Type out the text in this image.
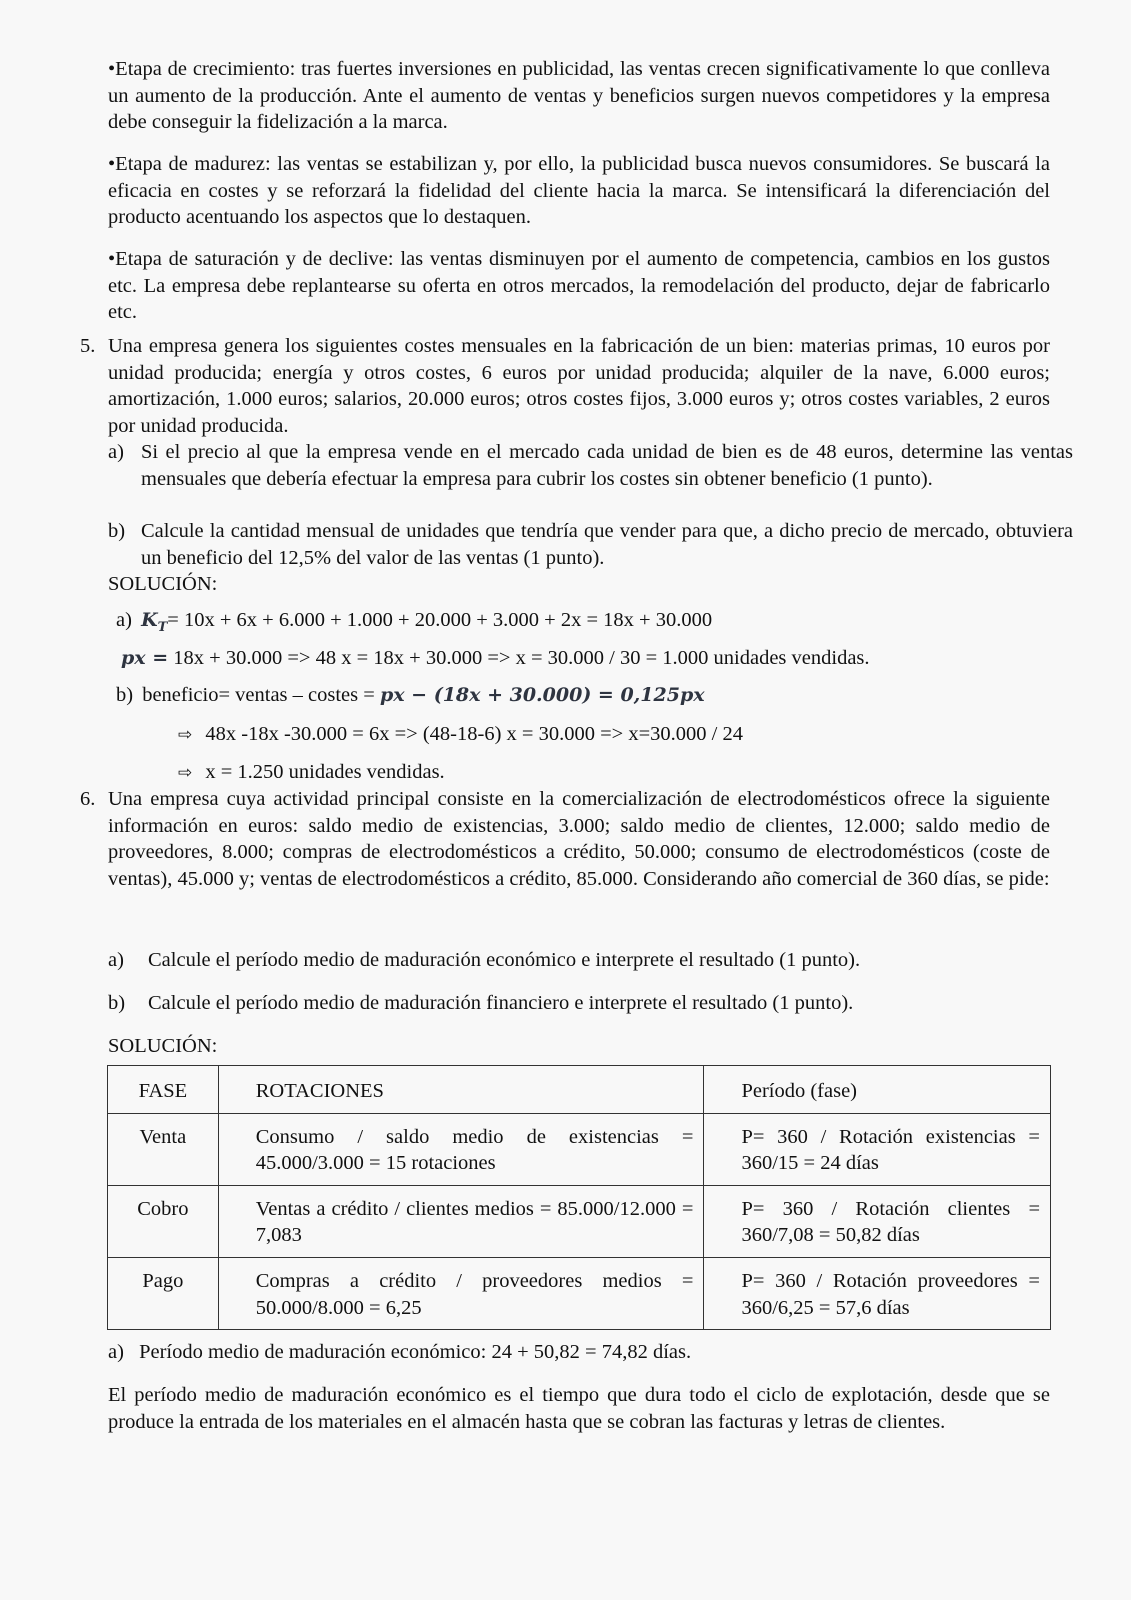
•Etapa de crecimiento: tras fuertes inversiones en publicidad, las ventas crecen significativamente lo que conlleva un aumento de la producción. Ante el aumento de ventas y beneficios surgen nuevos competidores y la empresa debe conseguir la fidelización a la marca.
•Etapa de madurez: las ventas se estabilizan y, por ello, la publicidad busca nuevos consumidores. Se buscará la eficacia en costes y se reforzará la fidelidad del cliente hacia la marca. Se intensificará la diferenciación del producto acentuando los aspectos que lo destaquen.
•Etapa de saturación y de declive: las ventas disminuyen por el aumento de competencia, cambios en los gustos etc. La empresa debe replantearse su oferta en otros mercados, la remodelación del producto, dejar de fabricarlo etc.
5. Una empresa genera los siguientes costes mensuales en la fabricación de un bien: materias primas, 10 euros por unidad producida; energía y otros costes, 6 euros por unidad producida; alquiler de la nave, 6.000 euros; amortización, 1.000 euros; salarios, 20.000 euros; otros costes fijos, 3.000 euros y; otros costes variables, 2 euros por unidad producida.
a) Si el precio al que la empresa vende en el mercado cada unidad de bien es de 48 euros, determine las ventas mensuales que debería efectuar la empresa para cubrir los costes sin obtener beneficio (1 punto).
b) Calcule la cantidad mensual de unidades que tendría que vender para que, a dicho precio de mercado, obtuviera un beneficio del 12,5% del valor de las ventas (1 punto).
SOLUCIÓN:
a) $K_T= 10x + 6x + 6.000 + 1.000 + 20.000 + 3.000 + 2x = 18x + 30.000$
px = 18x + 30.000 => 48 x = 18x + 30.000 => x = 30.000 / 30 = 1.000 unidades vendidas.
b) beneficio= ventas – costes = px − (18x + 30.000) = 0,125px
⇨ 48x -18x -30.000 = 6x => (48-18-6) x = 30.000 => x=30.000 / 24
⇨ x = 1.250 unidades vendidas.
6. Una empresa cuya actividad principal consiste en la comercialización de electrodomésticos ofrece la siguiente información en euros: saldo medio de existencias, 3.000; saldo medio de clientes, 12.000; saldo medio de proveedores, 8.000; compras de electrodomésticos a crédito, 50.000; consumo de electrodomésticos (coste de ventas), 45.000 y; ventas de electrodomésticos a crédito, 85.000. Considerando año comercial de 360 días, se pide:
a) Calcule el período medio de maduración económico e interprete el resultado (1 punto).
b) Calcule el período medio de maduración financiero e interprete el resultado (1 punto).
SOLUCIÓN:
FASE	ROTACIONES	Período (fase)
Venta	Consumo / saldo medio de existencias = 45.000/3.000 = 15 rotaciones	P= 360 / Rotación existencias = 360/15 = 24 días
Cobro	Ventas a crédito / clientes medios = 85.000/12.000 = 7,083	P= 360 / Rotación clientes = 360/7,08 = 50,82 días
Pago	Compras a crédito / proveedores medios = 50.000/8.000 = 6,25	P= 360 / Rotación proveedores = 360/6,25 = 57,6 días
a) Período medio de maduración económico: 24 + 50,82 = 74,82 días.
El período medio de maduración económico es el tiempo que dura todo el ciclo de explotación, desde que se produce la entrada de los materiales en el almacén hasta que se cobran las facturas y letras de clientes.
